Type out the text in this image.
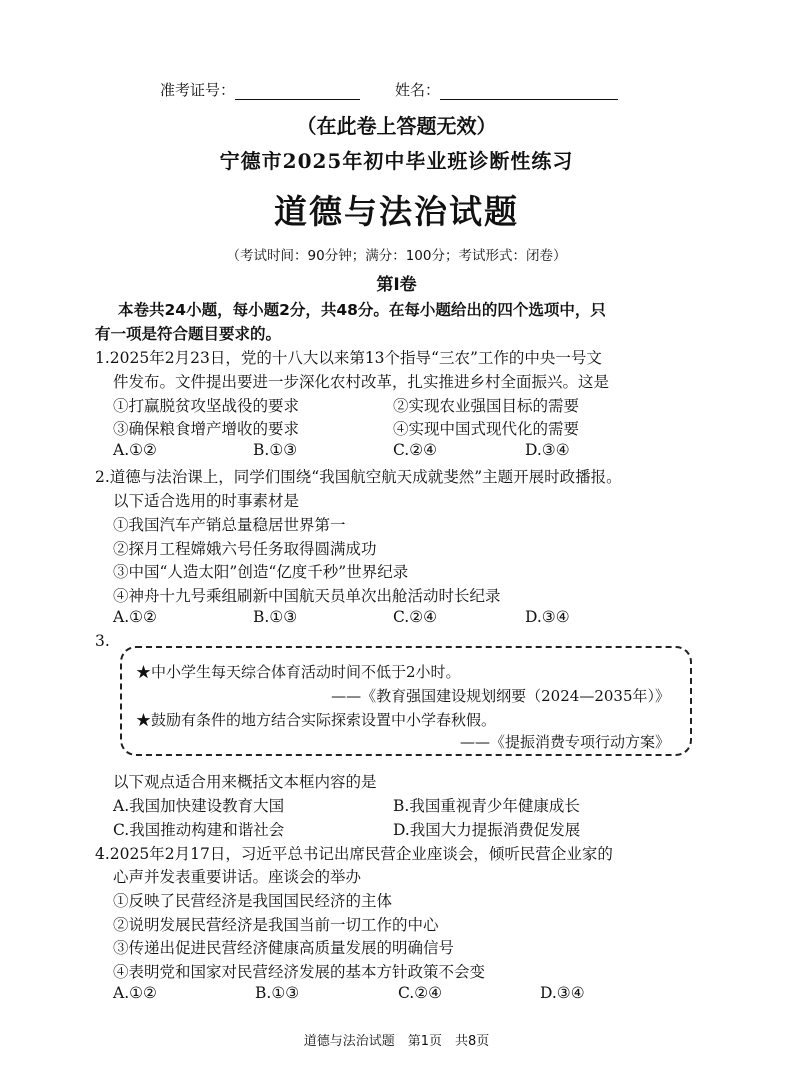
准考证号：	姓名：
（在此卷上答题无效）
宁德市2025年初中毕业班诊断性练习
道德与法治试题
（考试时间：90分钟；满分：100分；考试形式：闭卷）
第Ⅰ卷
本卷共24小题，每小题2分，共48分。在每小题给出的四个选项中，只
有一项是符合题目要求的。
1.2025年2月23日，党的十八大以来第13个指导“三农”工作的中央一号文
件发布。文件提出要进一步深化农村改革，扎实推进乡村全面振兴。这是
①打赢脱贫攻坚战役的要求	②实现农业强国目标的需要
③确保粮食增产增收的要求	④实现中国式现代化的需要
A.①②	B.①③	C.②④	D.③④
2.道德与法治课上，同学们围绕“我国航空航天成就斐然”主题开展时政播报。
以下适合选用的时事素材是
①我国汽车产销总量稳居世界第一
②探月工程嫦娥六号任务取得圆满成功
③中国“人造太阳”创造“亿度千秒”世界纪录
④神舟十九号乘组刷新中国航天员单次出舱活动时长纪录
A.①②	B.①③	C.②④	D.③④
3.
★中小学生每天综合体育活动时间不低于2小时。
——《教育强国建设规划纲要（2024—2035年）》
★鼓励有条件的地方结合实际探索设置中小学春秋假。
——《提振消费专项行动方案》
以下观点适合用来概括文本框内容的是
A.我国加快建设教育大国	B.我国重视青少年健康成长
C.我国推动构建和谐社会	D.我国大力提振消费促发展
4.2025年2月17日，习近平总书记出席民营企业座谈会，倾听民营企业家的
心声并发表重要讲话。座谈会的举办
①反映了民营经济是我国国民经济的主体
②说明发展民营经济是我国当前一切工作的中心
③传递出促进民营经济健康高质量发展的明确信号
④表明党和国家对民营经济发展的基本方针政策不会变
A.①②	B.①③	C.②④	D.③④
道德与法治试题　第1页　共8页
